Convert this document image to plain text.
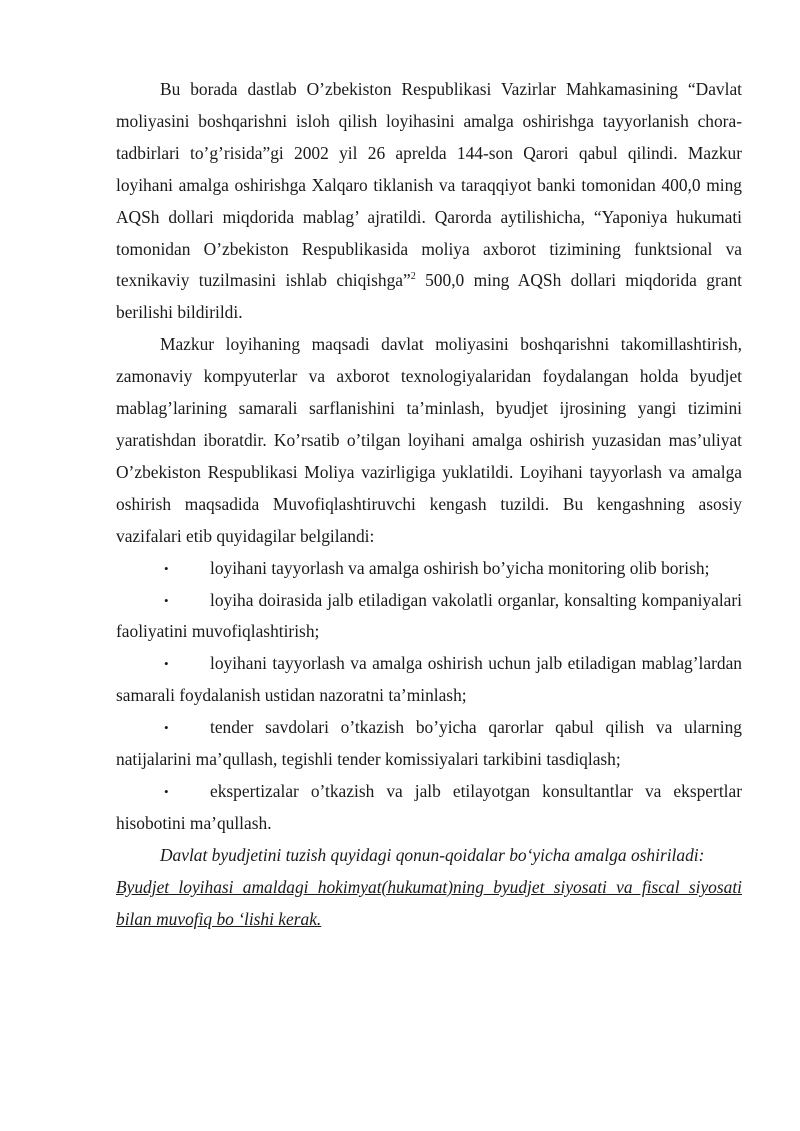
Bu borada dastlab O’zbekiston Respublikasi Vazirlar Mahkamasining “Davlat moliyasini boshqarishni isloh qilish loyihasini amalga oshirishga tayyorlanish chora-tadbirlari to’g’risida”gi 2002 yil 26 aprelda 144-son Qarori qabul qilindi. Mazkur loyihani amalga oshirishga Xalqaro tiklanish va taraqqiyot banki tomonidan 400,0 ming AQSh dollari miqdorida mablag’ ajratildi. Qarorda aytilishicha, “Yaponiya hukumati tomonidan O’zbekiston Respublikasida moliya axborot tizimining funktsional va texnikaviy tuzilmasini ishlab chiqishga”$^2$ 500,0 ming AQSh dollari miqdorida grant berilishi bildirildi.

Mazkur loyihaning maqsadi davlat moliyasini boshqarishni takomillashtirish, zamonaviy kompyuterlar va axborot texnologiyalaridan foydalangan holda byudjet mablag’larining samarali sarflanishini ta’minlash, byudjet ijrosining yangi tizimini yaratishdan iboratdir. Ko’rsatib o’tilgan loyihani amalga oshirish yuzasidan mas’uliyat O’zbekiston Respublikasi Moliya vazirligiga yuklatildi. Loyihani tayyorlash va amalga oshirish maqsadida Muvofiqlashtiruvchi kengash tuzildi. Bu kengashning asosiy vazifalari etib quyidagilar belgilandi:

• loyihani tayyorlash va amalga oshirish bo’yicha monitoring olib borish;

• loyiha doirasida jalb etiladigan vakolatli organlar, konsalting kompaniyalari faoliyatini muvofiqlashtirish;

• loyihani tayyorlash va amalga oshirish uchun jalb etiladigan mablag’lardan samarali foydalanish ustidan nazoratni ta’minlash;

• tender savdolari o’tkazish bo’yicha qarorlar qabul qilish va ularning natijalarini ma’qullash, tegishli tender komissiyalari tarkibini tasdiqlash;

• ekspertizalar o’tkazish va jalb etilayotgan konsultantlar va ekspertlar hisobotini ma’qullash.

Davlat byudjetini tuzish quyidagi qonun-qoidalar bo‘yicha amalga oshiriladi:

Byudjet loyihasi amaldagi hokimyat(hukumat)ning byudjet siyosati va fiscal siyosati bilan muvofiq bo ‘lishi kerak.
